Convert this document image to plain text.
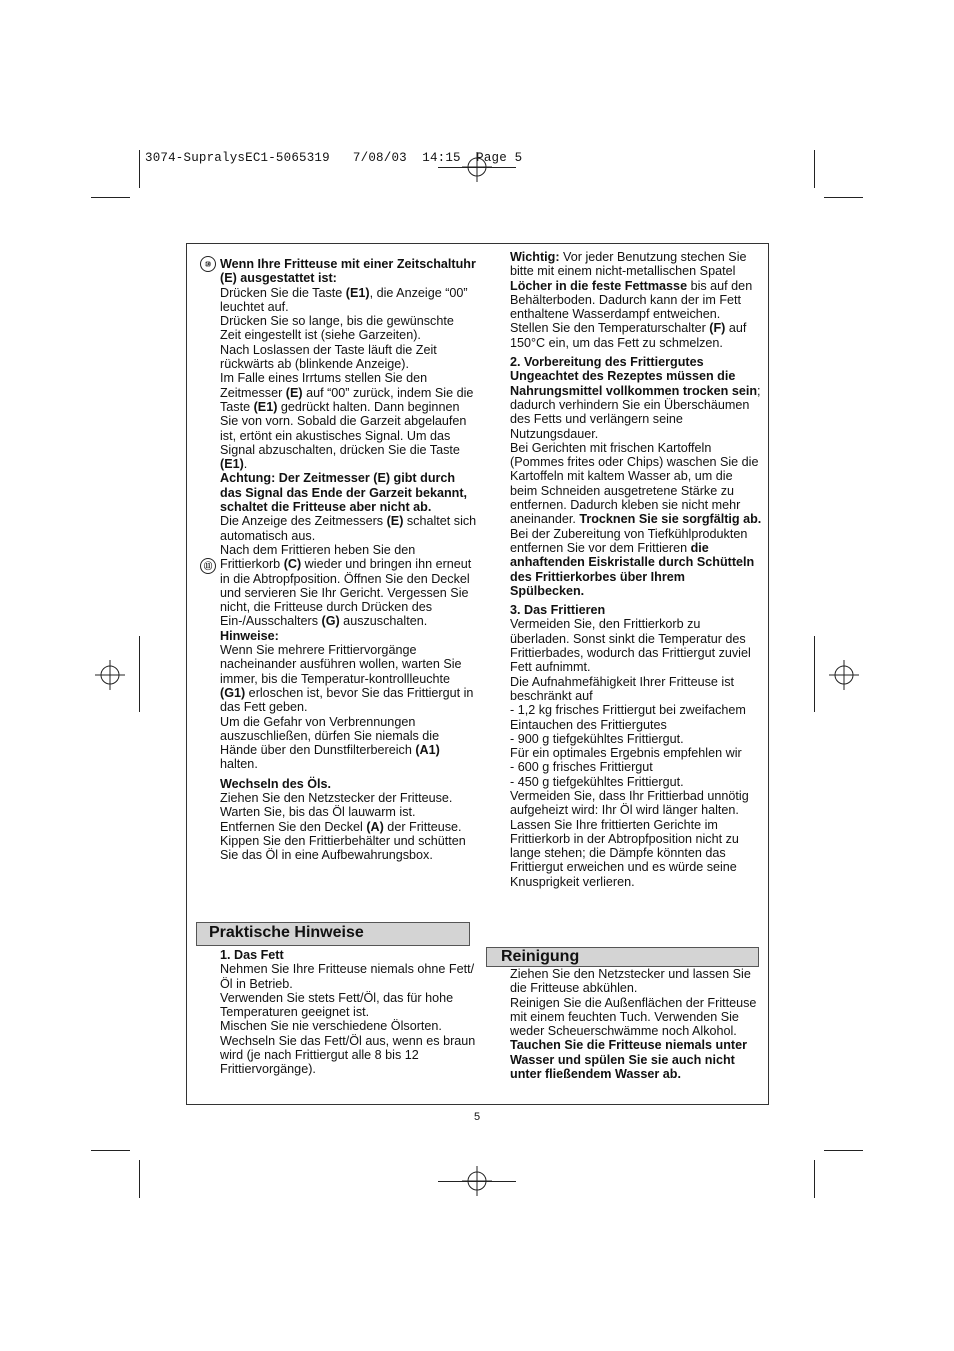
3074-SupralysEC1-5065319   7/08/03  14:15  Page 5
⑩
⑪

Wenn Ihre Fritteuse mit einer Zeitschaltuhr (E) ausgestattet ist:

Drücken Sie die Taste (E1), die Anzeige “00” leuchtet auf.

Drücken Sie so lange, bis die gewünschte Zeit eingestellt ist (siehe Garzeiten).

Nach Loslassen der Taste läuft die Zeit rückwärts ab (blinkende Anzeige).

Im Falle eines Irrtums stellen Sie den Zeitmesser (E) auf “00” zurück, indem Sie die Taste (E1) gedrückt halten. Dann beginnen Sie von vorn. Sobald die Garzeit abgelaufen ist, ertönt ein akustisches Signal. Um das Signal abzuschalten, drücken Sie die Taste (E1).

Achtung: Der Zeitmesser (E) gibt durch das Signal das Ende der Garzeit bekannt, schaltet die Fritteuse aber nicht ab.

Die Anzeige des Zeitmessers (E) schaltet sich automatisch aus.

Nach dem Frittieren heben Sie den Frittierkorb (C) wieder und bringen ihn erneut in die Abtropfposition. Öffnen Sie den Deckel und servieren Sie Ihr Gericht. Vergessen Sie nicht, die Fritteuse durch Drücken des Ein-/Ausschalters (G) auszuschalten.

Hinweise:

Wenn Sie mehrere Frittiervorgänge nacheinander ausführen wollen, warten Sie immer, bis die Temperatur-kontrollleuchte (G1) erloschen ist, bevor Sie das Frittiergut in das Fett geben.

Um die Gefahr von Verbrennungen auszuschließen, dürfen Sie niemals die Hände über den Dunstfilterbereich (A1) halten.

Wechseln des Öls.

Ziehen Sie den Netzstecker der Fritteuse.

Warten Sie, bis das Öl lauwarm ist.

Entfernen Sie den Deckel (A) der Fritteuse.

Kippen Sie den Frittierbehälter und schütten Sie das Öl in eine Aufbewahrungsbox.

Praktische Hinweise

1. Das Fett

Nehmen Sie Ihre Fritteuse niemals ohne Fett/Öl in Betrieb.

Verwenden Sie stets Fett/Öl, das für hohe Temperaturen geeignet ist.

Mischen Sie nie verschiedene Ölsorten.

Wechseln Sie das Fett/Öl aus, wenn es braun wird (je nach Frittiergut alle 8 bis 12 Frittiervorgänge).

Wichtig: Vor jeder Benutzung stechen Sie bitte mit einem nicht-metallischen Spatel Löcher in die feste Fettmasse bis auf den Behälterboden. Dadurch kann der im Fett enthaltene Wasserdampf entweichen.

Stellen Sie den Temperaturschalter (F) auf 150°C ein, um das Fett zu schmelzen.

2. Vorbereitung des Frittiergutes

Ungeachtet des Rezeptes müssen die Nahrungsmittel vollkommen trocken sein; dadurch verhindern Sie ein Überschäumen des Fetts und verlängern seine Nutzungsdauer.

Bei Gerichten mit frischen Kartoffeln (Pommes frites oder Chips) waschen Sie die Kartoffeln mit kaltem Wasser ab, um die beim Schneiden ausgetretene Stärke zu entfernen. Dadurch kleben sie nicht mehr aneinander. Trocknen Sie sie sorgfältig ab.

Bei der Zubereitung von Tiefkühlprodukten entfernen Sie vor dem Frittieren die anhaftenden Eiskristalle durch Schütteln des Frittierkorbes über Ihrem Spülbecken.

3. Das Frittieren

Vermeiden Sie, den Frittierkorb zu überladen. Sonst sinkt die Temperatur des Frittierbades, wodurch das Frittiergut zuviel Fett aufnimmt.

Die Aufnahmefähigkeit Ihrer Fritteuse ist beschränkt auf

- 1,2 kg frisches Frittiergut bei zweifachem Eintauchen des Frittiergutes

- 900 g tiefgekühltes Frittiergut.

Für ein optimales Ergebnis empfehlen wir

- 600 g frisches Frittiergut

- 450 g tiefgekühltes Frittiergut.

Vermeiden Sie, dass Ihr Frittierbad unnötig aufgeheizt wird: Ihr Öl wird länger halten.

Lassen Sie Ihre frittierten Gerichte im Frittierkorb in der Abtropfposition nicht zu lange stehen; die Dämpfe könnten das Frittiergut erweichen und es würde seine Knusprigkeit verlieren.

Reinigung

Ziehen Sie den Netzstecker und lassen Sie die Fritteuse abkühlen.

Reinigen Sie die Außenflächen der Fritteuse mit einem feuchten Tuch. Verwenden Sie weder Scheuerschwämme noch Alkohol.

Tauchen Sie die Fritteuse niemals unter Wasser und spülen Sie sie auch nicht unter fließendem Wasser ab.

5
